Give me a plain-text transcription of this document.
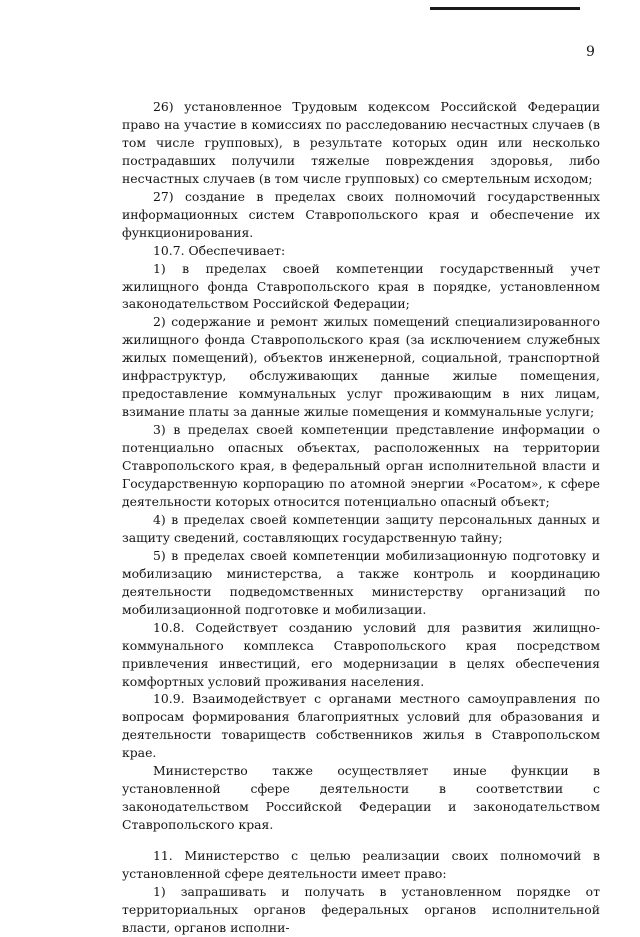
9

26) установленное Трудовым кодексом Российской Федерации право на участие в комиссиях по расследованию несчастных случаев (в том числе групповых), в результате которых один или несколько пострадавших получили тяжелые повреждения здоровья, либо несчастных случаев (в том числе групповых) со смертельным исходом;

27) создание в пределах своих полномочий государственных информационных систем Ставропольского края и обеспечение их функционирования.

10.7. Обеспечивает:

1) в пределах своей компетенции государственный учет жилищного фонда Ставропольского края в порядке, установленном законодательством Российской Федерации;

2) содержание и ремонт жилых помещений специализированного жилищного фонда Ставропольского края (за исключением служебных жилых помещений), объектов инженерной, социальной, транспортной инфраструктур, обслуживающих данные жилые помещения, предоставление коммунальных услуг проживающим в них лицам, взимание платы за данные жилые помещения и коммунальные услуги;

3) в пределах своей компетенции представление информации о потенциально опасных объектах, расположенных на территории Ставропольского края, в федеральный орган исполнительной власти и Государственную корпорацию по атомной энергии «Росатом», к сфере деятельности которых относится потенциально опасный объект;

4) в пределах своей компетенции защиту персональных данных и защиту сведений, составляющих государственную тайну;

5) в пределах своей компетенции мобилизационную подготовку и мобилизацию министерства, а также контроль и координацию деятельности подведомственных министерству организаций по мобилизационной подготовке и мобилизации.

10.8. Содействует созданию условий для развития жилищно-коммунального комплекса Ставропольского края посредством привлечения инвестиций, его модернизации в целях обеспечения комфортных условий проживания населения.

10.9. Взаимодействует с органами местного самоуправления по вопросам формирования благоприятных условий для образования и деятельности товариществ собственников жилья в Ставропольском крае.

Министерство также осуществляет иные функции в установленной сфере деятельности в соответствии с законодательством Российской Федерации и законодательством Ставропольского края.

11. Министерство с целью реализации своих полномочий в установленной сфере деятельности имеет право:

1) запрашивать и получать в установленном порядке от территориальных органов федеральных органов исполнительной власти, органов исполни-
